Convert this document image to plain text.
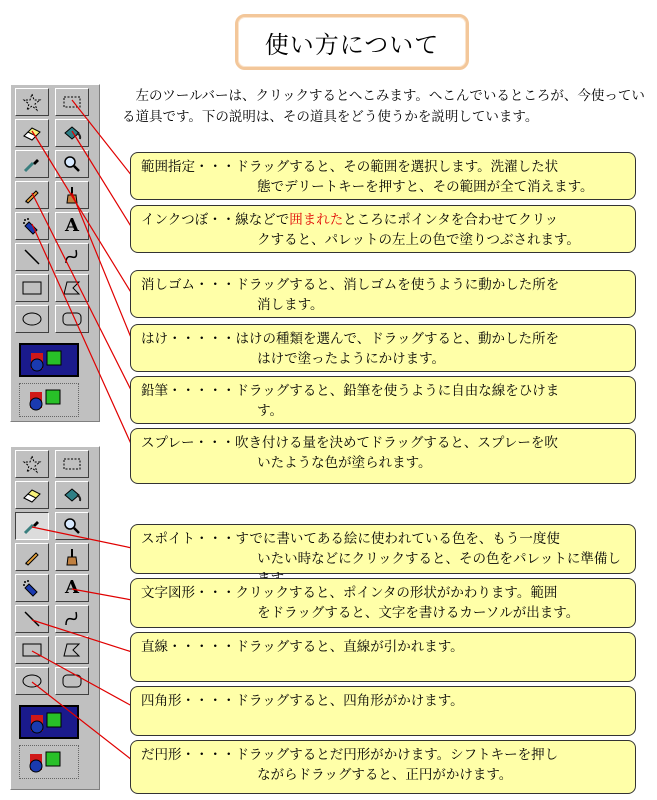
使い方について
左のツールバーは、クリックするとへこみます。へこんでいるところが、今使っている道具です。下の説明は、その道具をどう使うかを説明しています。
A
A
範囲指定・・・ドラッグすると、その範囲を選択します。洗濯した状
態でデリートキーを押すと、その範囲が全て消えます。
インクつぼ・・線などで囲まれたところにポインタを合わせてクリッ
クすると、パレットの左上の色で塗りつぶされます。
消しゴム・・・ドラッグすると、消しゴムを使うように動かした所を
消します。
はけ・・・・・はけの種類を選んで、ドラッグすると、動かした所を
はけで塗ったようにかけます。
鉛筆・・・・・ドラッグすると、鉛筆を使うように自由な線をひけま
す。
スプレー・・・吹き付ける量を決めてドラッグすると、スプレーを吹
いたような色が塗られます。
スポイト・・・すでに書いてある絵に使われている色を、もう一度使
いたい時などにクリックすると、その色をパレットに準備し
文字図形・・・クリックすると、ポインタの形状がかわります。範囲
をドラッグすると、文字を書けるカーソルが出ます。
直線・・・・・ドラッグすると、直線が引かれます。
四角形・・・・ドラッグすると、四角形がかけます。
だ円形・・・・ドラッグするとだ円形がかけます。シフトキーを押し
ながらドラッグすると、正円がかけます。
